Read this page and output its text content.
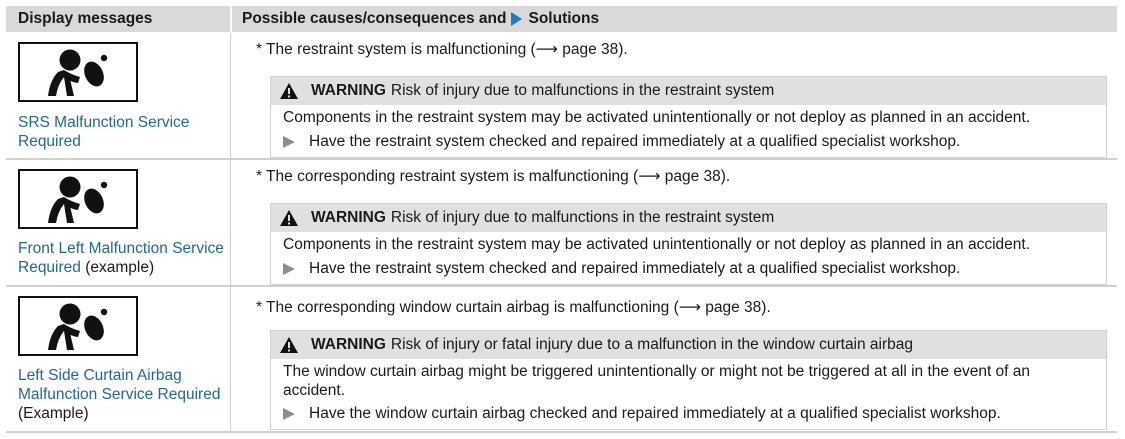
Display messages	Possible causes/consequences and Solutions
SRS Malfunction Service Required
* The restraint system is malfunctioning (⟶ page 38).
WARNING Risk of injury due to malfunctions in the restraint system
Components in the restraint system may be activated unintentionally or not deploy as planned in an accident.
Have the restraint system checked and repaired immediately at a qualified specialist workshop.
Front Left Malfunction Service Required (example)
* The corresponding restraint system is malfunctioning (⟶ page 38).
WARNING Risk of injury due to malfunctions in the restraint system
Components in the restraint system may be activated unintentionally or not deploy as planned in an accident.
Have the restraint system checked and repaired immediately at a qualified specialist workshop.
Left Side Curtain Airbag Malfunction Service Required (Example)
* The corresponding window curtain airbag is malfunctioning (⟶ page 38).
WARNING Risk of injury or fatal injury due to a malfunction in the window curtain airbag
The window curtain airbag might be triggered unintentionally or might not be triggered at all in the event of an accident.
Have the window curtain airbag checked and repaired immediately at a qualified specialist workshop.
